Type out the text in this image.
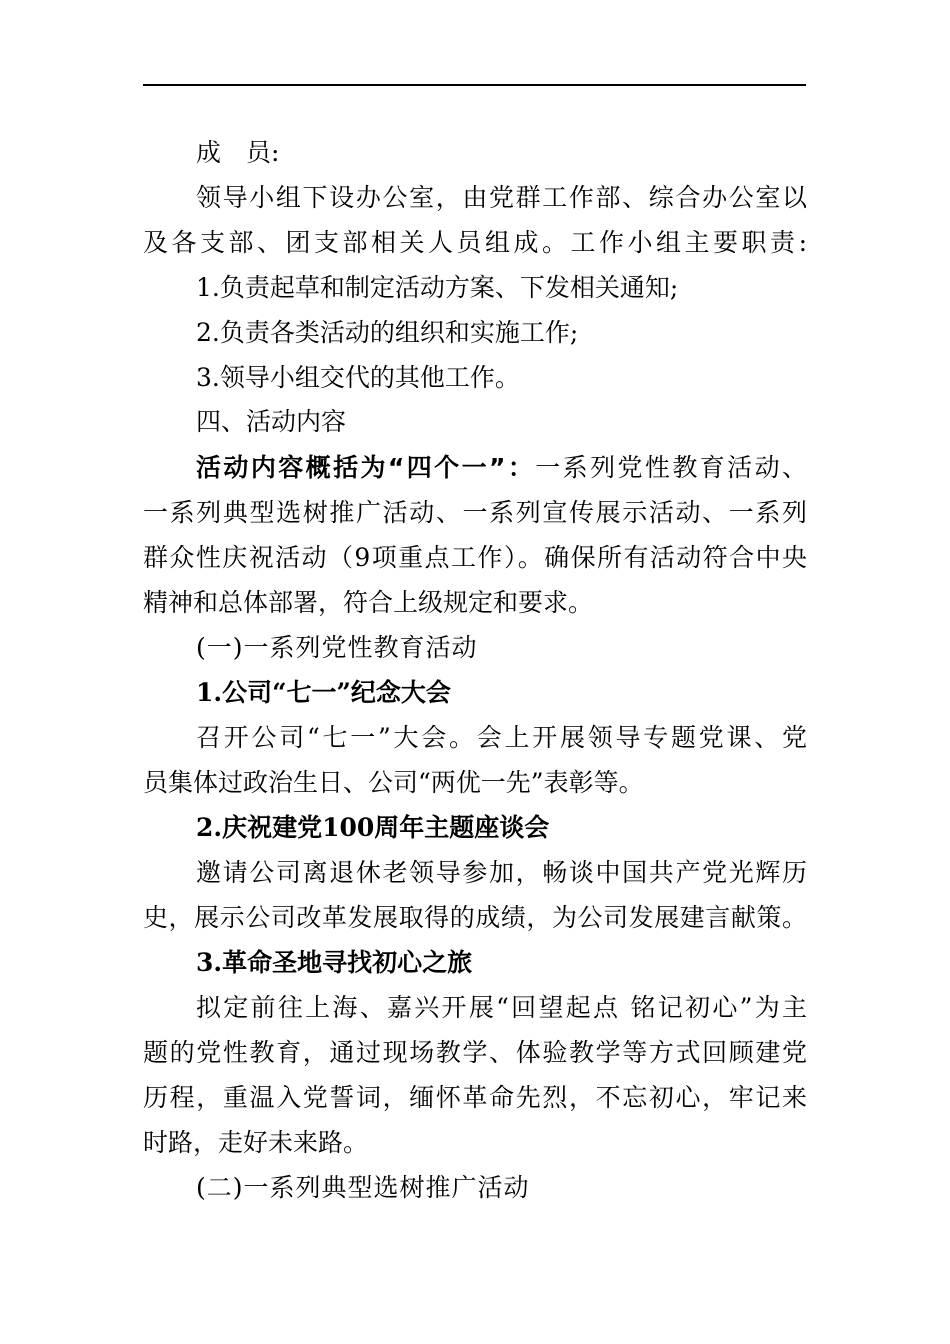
成　员:
领导小组下设办公室，由党群工作部、综合办公室以
及各支部、团支部相关人员组成。工作小组主要职责:
1.负责起草和制定活动方案、下发相关通知;
2.负责各类活动的组织和实施工作;
3.领导小组交代的其他工作。
四、活动内容
活动内容概括为“四个一”：一系列党性教育活动、
一系列典型选树推广活动、一系列宣传展示活动、一系列
群众性庆祝活动（9项重点工作）。确保所有活动符合中央
精神和总体部署，符合上级规定和要求。
(一)一系列党性教育活动
1.公司“七一”纪念大会
召开公司“七一”大会。会上开展领导专题党课、党
员集体过政治生日、公司“两优一先”表彰等。
2.庆祝建党100周年主题座谈会
邀请公司离退休老领导参加，畅谈中国共产党光辉历
史，展示公司改革发展取得的成绩，为公司发展建言献策。
3.革命圣地寻找初心之旅
拟定前往上海、嘉兴开展“回望起点 铭记初心”为主
题的党性教育，通过现场教学、体验教学等方式回顾建党
历程，重温入党誓词，缅怀革命先烈，不忘初心，牢记来
时路，走好未来路。
(二)一系列典型选树推广活动
